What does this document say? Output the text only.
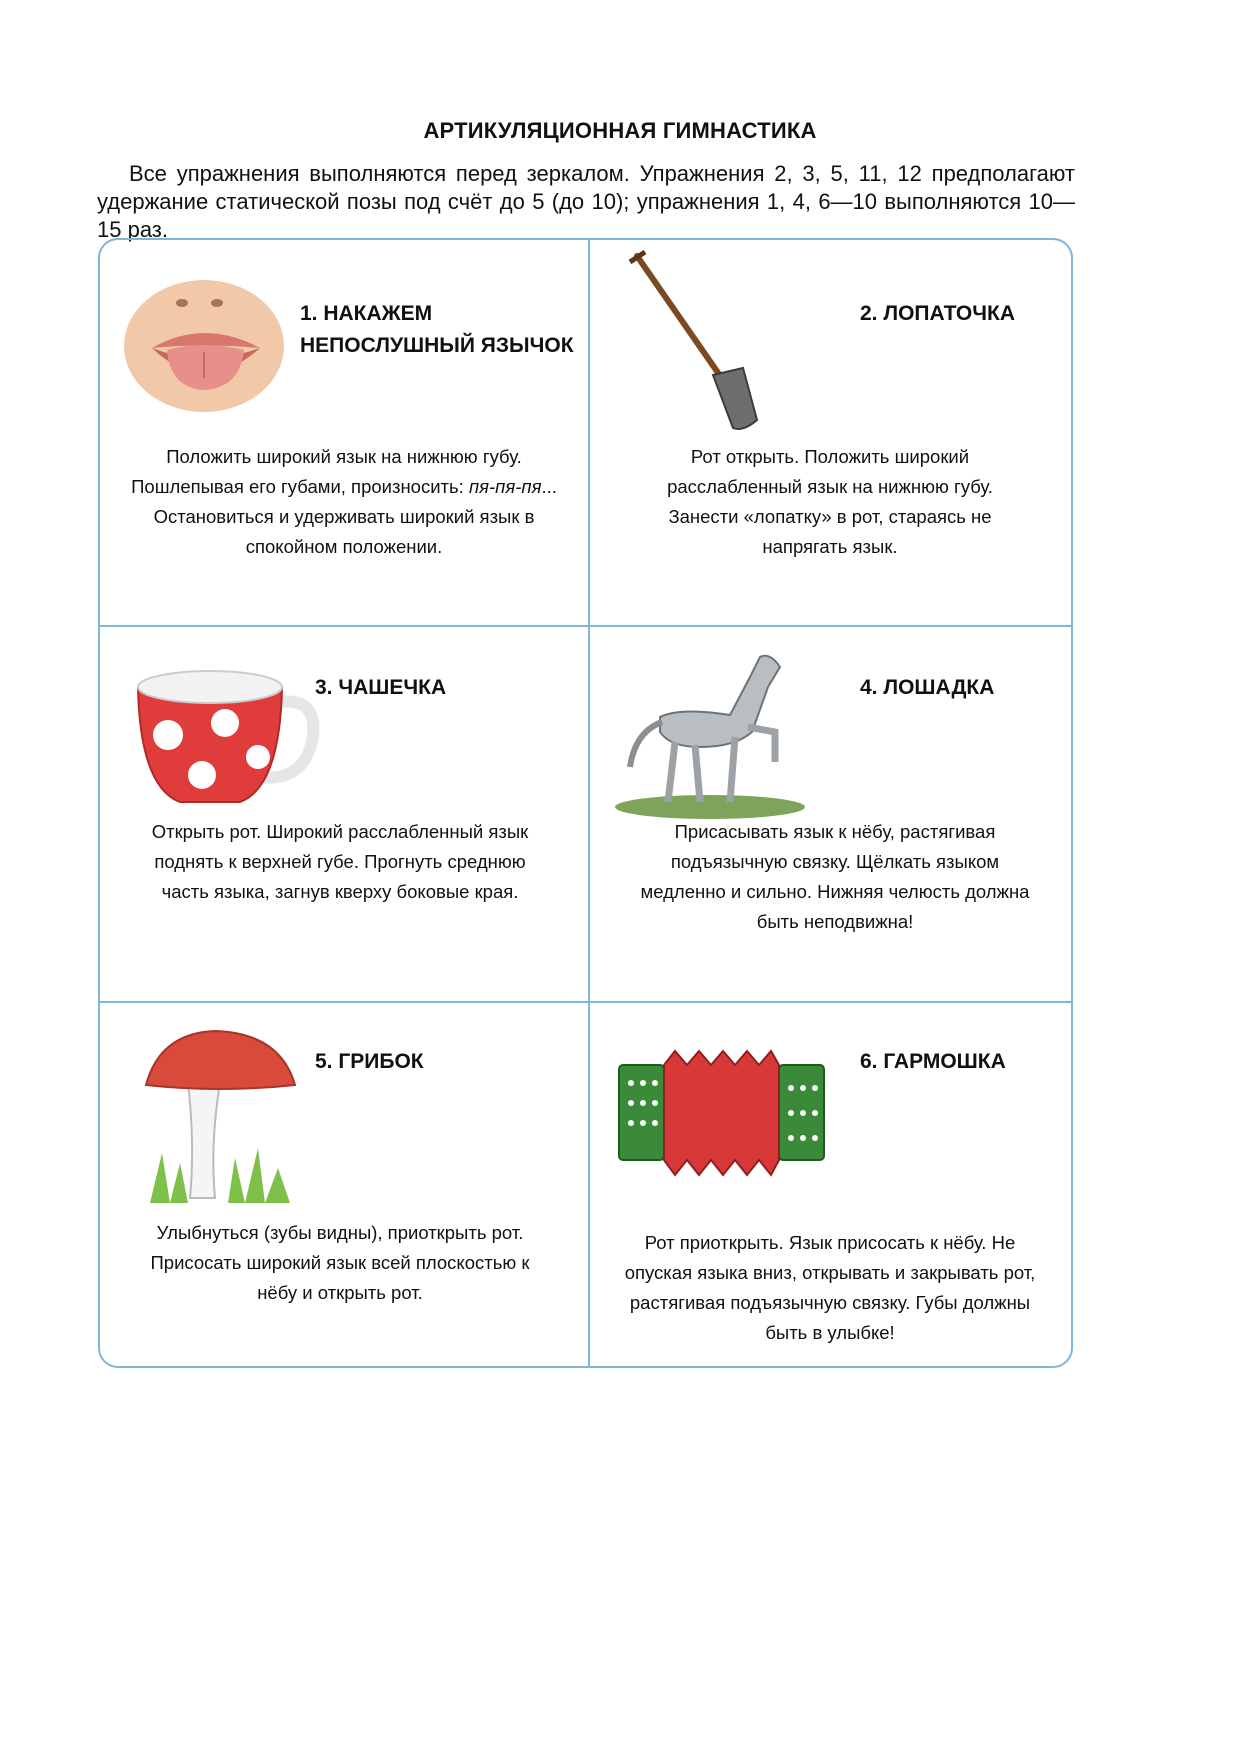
АРТИКУЛЯЦИОННАЯ ГИМНАСТИКА

Все упражнения выполняются перед зеркалом. Упражнения 2, 3, 5, 11, 12 предполагают удержание статической позы под счёт до 5 (до 10); упражнения 1, 4, 6—10 выполняются 10—15 раз.

1. НАКАЖЕМ НЕПОСЛУШНЫЙ ЯЗЫЧОК
Положить широкий язык на нижнюю губу. Пошлепывая его губами, произносить: пя-пя-пя... Остановиться и удерживать широкий язык в спокойном положении.
2. ЛОПАТОЧКА
Рот открыть. Положить широкий расслабленный язык на нижнюю губу. Занести «лопатку» в рот, стараясь не напрягать язык.
3. ЧАШЕЧКА
Открыть рот. Широкий расслабленный язык поднять к верхней губе. Прогнуть среднюю часть языка, загнув кверху боковые края.
4. ЛОШАДКА
Присасывать язык к нёбу, растягивая подъязычную связку. Щёлкать языком медленно и сильно. Нижняя челюсть должна быть неподвижна!
5. ГРИБОК
Улыбнуться (зубы видны), приоткрыть рот. Присосать широкий язык всей плоскостью к нёбу и открыть рот.
6. ГАРМОШКА
Рот приоткрыть. Язык присосать к нёбу. Не опуская языка вниз, открывать и закрывать рот, растягивая подъязычную связку. Губы должны быть в улыбке!
